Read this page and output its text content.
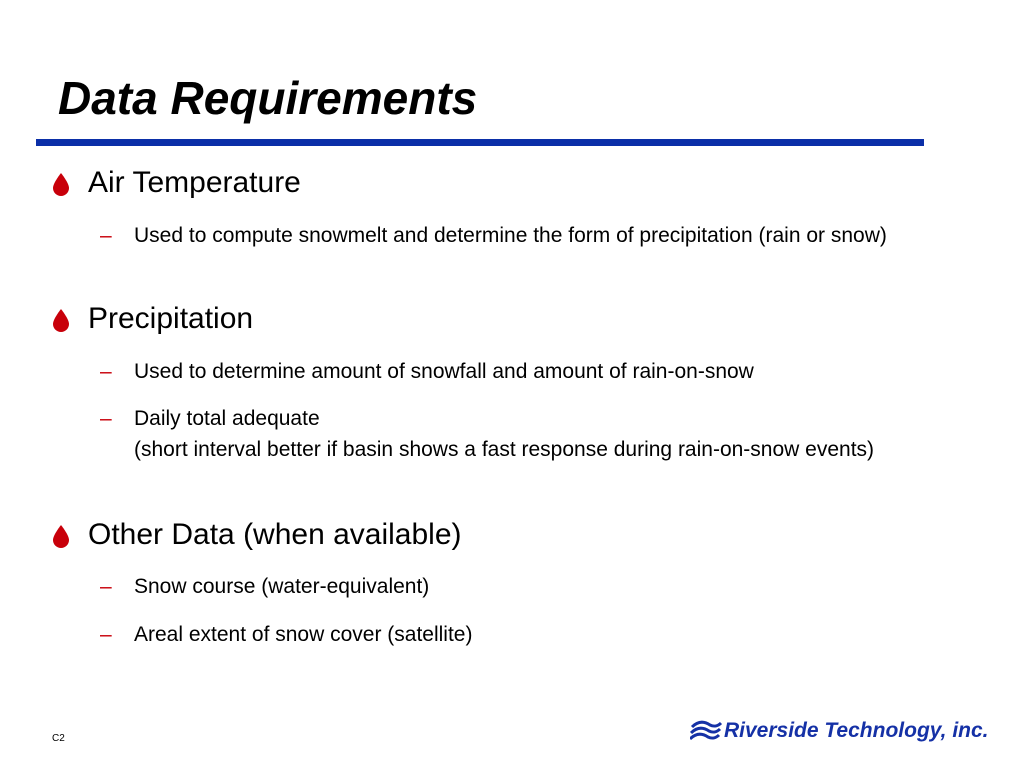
Data Requirements
Air Temperature
–	Used to compute snowmelt and determine the form of precipitation (rain or snow)
Precipitation
–	Used to determine amount of snowfall and amount of rain-on-snow
–	Daily total adequate
(short interval better if basin shows a fast response during rain-on-snow events)
Other Data (when available)
–	Snow course (water-equivalent)
–	Areal extent of snow cover (satellite)
C2	Riverside Technology, inc.
